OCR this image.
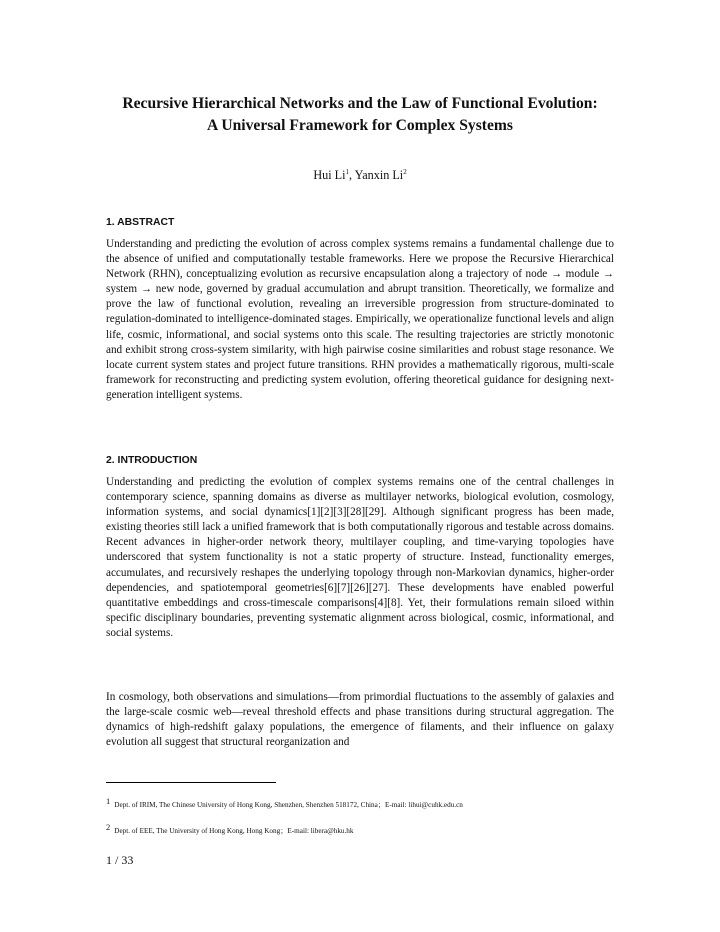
Recursive Hierarchical Networks and the Law of Functional Evolution:
A Universal Framework for Complex Systems
Hui Li$^1$, Yanxin Li$^2$
1. ABSTRACT
Understanding and predicting the evolution of across complex systems remains a fundamental challenge due to the absence of unified and computationally testable frameworks. Here we propose the Recursive Hierarchical Network (RHN), conceptualizing evolution as recursive encapsulation along a trajectory of node → module → system → new node, governed by gradual accumulation and abrupt transition. Theoretically, we formalize and prove the law of functional evolution, revealing an irreversible progression from structure-dominated to regulation-dominated to intelligence-dominated stages. Empirically, we operationalize functional levels and align life, cosmic, informational, and social systems onto this scale. The resulting trajectories are strictly monotonic and exhibit strong cross-system similarity, with high pairwise cosine similarities and robust stage resonance. We locate current system states and project future transitions. RHN provides a mathematically rigorous, multi-scale framework for reconstructing and predicting system evolution, offering theoretical guidance for designing next-generation intelligent systems.
2. INTRODUCTION
Understanding and predicting the evolution of complex systems remains one of the central challenges in contemporary science, spanning domains as diverse as multilayer networks, biological evolution, cosmology, information systems, and social dynamics[1][2][3][28][29]. Although significant progress has been made, existing theories still lack a unified framework that is both computationally rigorous and testable across domains. Recent advances in higher-order network theory, multilayer coupling, and time-varying topologies have underscored that system functionality is not a static property of structure. Instead, functionality emerges, accumulates, and recursively reshapes the underlying topology through non-Markovian dynamics, higher-order dependencies, and spatiotemporal geometries[6][7][26][27]. These developments have enabled powerful quantitative embeddings and cross-timescale comparisons[4][8]. Yet, their formulations remain siloed within specific disciplinary boundaries, preventing systematic alignment across biological, cosmic, informational, and social systems.
In cosmology, both observations and simulations—from primordial fluctuations to the assembly of galaxies and the large-scale cosmic web—reveal threshold effects and phase transitions during structural aggregation. The dynamics of high-redshift galaxy populations, the emergence of filaments, and their influence on galaxy evolution all suggest that structural reorganization and
1 Dept. of IRIM, The Chinese University of Hong Kong, Shenzhen, Shenzhen 518172, China；E-mail: lihui@cuhk.edu.cn
2 Dept. of EEE, The University of Hong Kong, Hong Kong；E-mail: libera@hku.hk
1 / 33
